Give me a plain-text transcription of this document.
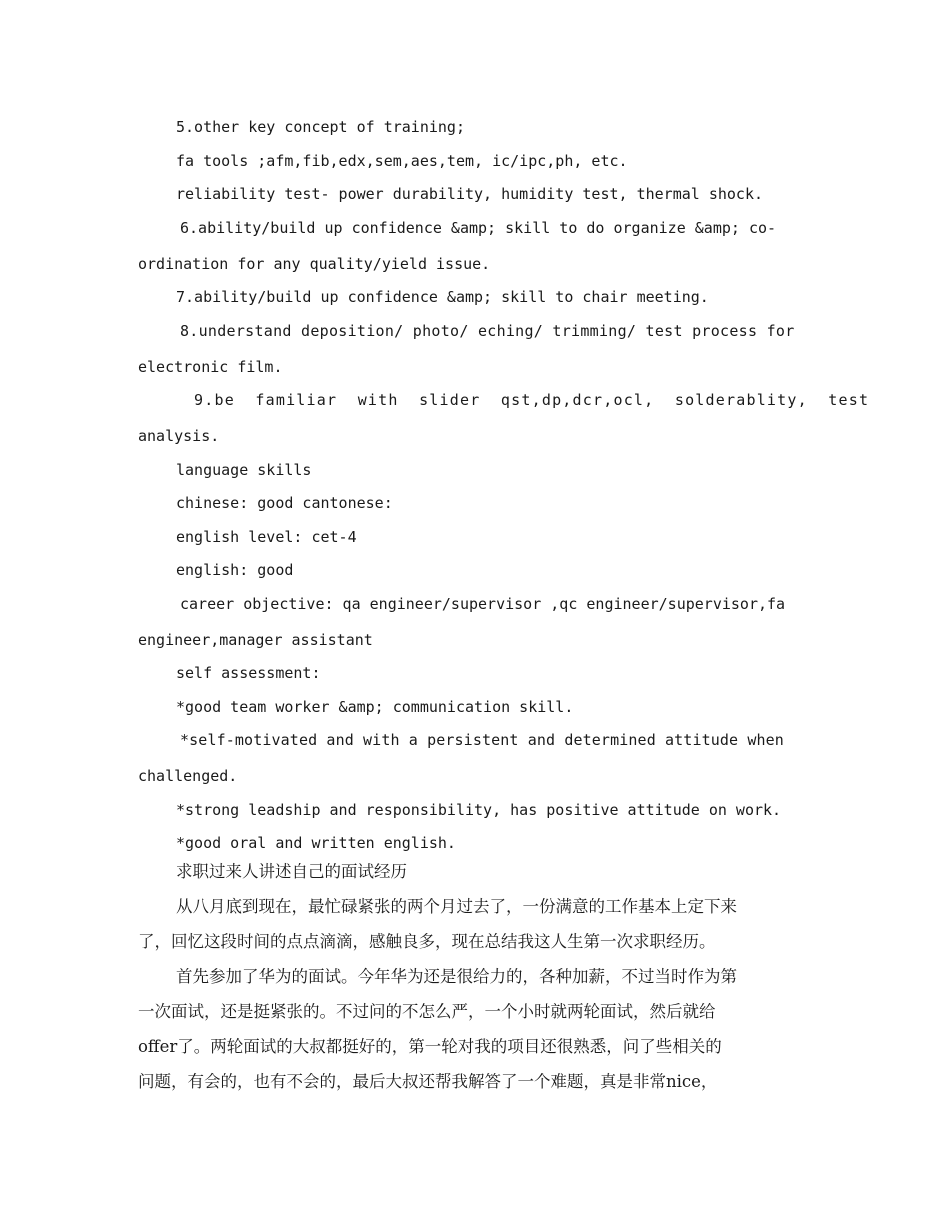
5.other key concept of training;

fa tools ;afm,fib,edx,sem,aes,tem, ic/ipc,ph, etc.

reliability test- power durability, humidity test, thermal shock.

6.ability/build up confidence &amp; skill to do organize &amp; co-

ordination for any quality/yield issue.

7.ability/build up confidence &amp; skill to chair meeting.

8.understand deposition/ photo/ eching/ trimming/ test process for

electronic film.

9.be  familiar  with  slider  qst,dp,dcr,ocl,  solderablity,  test

analysis.

language skills

chinese: good cantonese:

english level: cet-4

english: good

career objective: qa engineer/supervisor ,qc engineer/supervisor,fa

engineer,manager assistant

self assessment:

*good team worker &amp; communication skill.

*self-motivated and with a persistent and determined attitude when

challenged.

*strong leadship and responsibility, has positive attitude on work.

*good oral and written english.

求职过来人讲述自己的面试经历

从八月底到现在，最忙碌紧张的两个月过去了，一份满意的工作基本上定下来

了，回忆这段时间的点点滴滴，感触良多，现在总结我这人生第一次求职经历。

首先参加了华为的面试。今年华为还是很给力的，各种加薪，不过当时作为第

一次面试，还是挺紧张的。不过问的不怎么严，一个小时就两轮面试，然后就给

offer了。两轮面试的大叔都挺好的，第一轮对我的项目还很熟悉，问了些相关的

问题，有会的，也有不会的，最后大叔还帮我解答了一个难题，真是非常nice，
